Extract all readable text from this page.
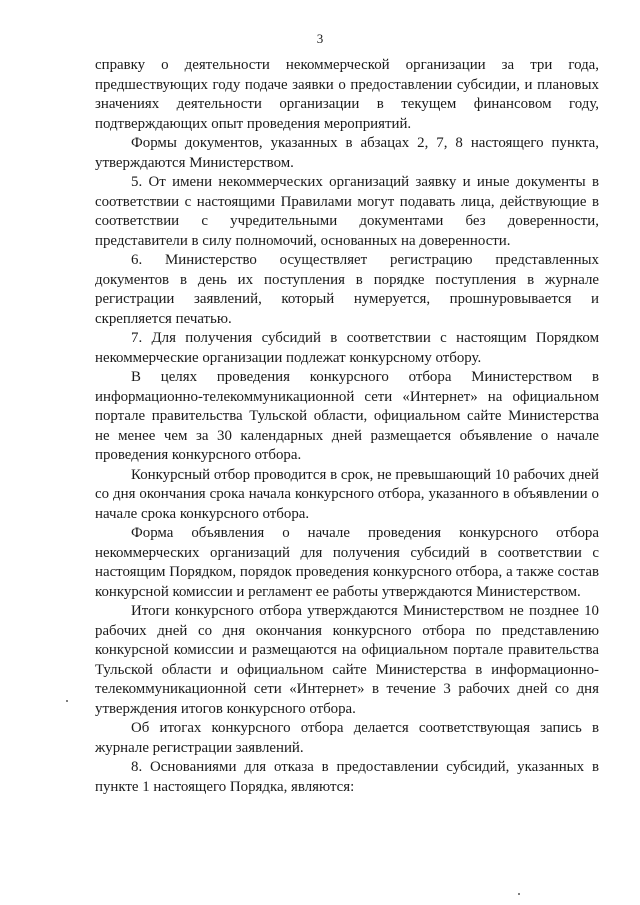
3

справку о деятельности некоммерческой организации за три года, предшествующих году подаче заявки о предоставлении субсидии, и плановых значениях деятельности организации в текущем финансовом году, подтверждающих опыт проведения мероприятий.

Формы документов, указанных в абзацах 2, 7, 8 настоящего пункта, утверждаются Министерством.

5. От имени некоммерческих организаций заявку и иные документы в соответствии с настоящими Правилами могут подавать лица, действующие в соответствии с учредительными документами без доверенности, представители в силу полномочий, основанных на доверенности.

6. Министерство осуществляет регистрацию представленных документов в день их поступления в порядке поступления в журнале регистрации заявлений, который нумеруется, прошнуровывается и скрепляется печатью.

7. Для получения субсидий в соответствии с настоящим Порядком некоммерческие организации подлежат конкурсному отбору.

В целях проведения конкурсного отбора Министерством в информационно-телекоммуникационной сети «Интернет» на официальном портале правительства Тульской области, официальном сайте Министерства не менее чем за 30 календарных дней размещается объявление о начале проведения конкурсного отбора.

Конкурсный отбор проводится в срок, не превышающий 10 рабочих дней со дня окончания срока начала конкурсного отбора, указанного в объявлении о начале срока конкурсного отбора.

Форма объявления о начале проведения конкурсного отбора некоммерческих организаций для получения субсидий в соответствии с настоящим Порядком, порядок проведения конкурсного отбора, а также состав конкурсной комиссии и регламент ее работы утверждаются Министерством.

Итоги конкурсного отбора утверждаются Министерством не позднее 10 рабочих дней со дня окончания конкурсного отбора по представлению конкурсной комиссии и размещаются на официальном портале правительства Тульской области и официальном сайте Министерства в информационно-телекоммуникационной сети «Интернет» в течение 3 рабочих дней со дня утверждения итогов конкурсного отбора.

Об итогах конкурсного отбора делается соответствующая запись в журнале регистрации заявлений.

8. Основаниями для отказа в предоставлении субсидий, указанных в пункте 1 настоящего Порядка, являются:
